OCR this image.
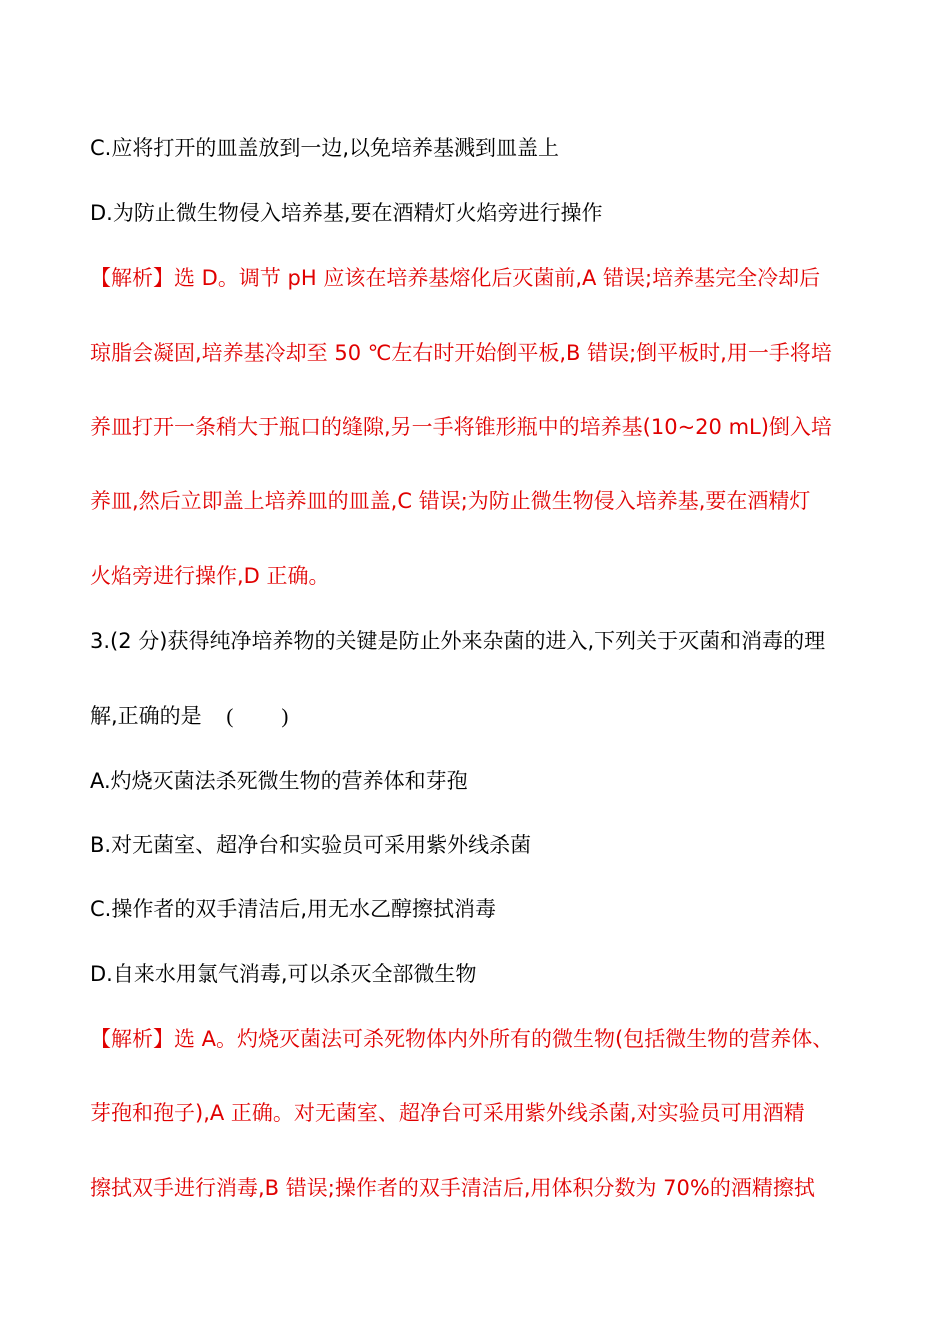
C.应将打开的皿盖放到一边,以免培养基溅到皿盖上
D.为防止微生物侵入培养基,要在酒精灯火焰旁进行操作
【解析】选 D。调节 pH 应该在培养基熔化后灭菌前,A 错误;培养基完全冷却后
琼脂会凝固,培养基冷却至 50 ℃左右时开始倒平板,B 错误;倒平板时,用一手将培
养皿打开一条稍大于瓶口的缝隙,另一手将锥形瓶中的培养基(10~20 mL)倒入培
养皿,然后立即盖上培养皿的皿盖,C 错误;为防止微生物侵入培养基,要在酒精灯
火焰旁进行操作,D 正确。
3.(2 分)获得纯净培养物的关键是防止外来杂菌的进入,下列关于灭菌和消毒的理
解,正确的是 ( )
A.灼烧灭菌法杀死微生物的营养体和芽孢
B.对无菌室、超净台和实验员可采用紫外线杀菌
C.操作者的双手清洁后,用无水乙醇擦拭消毒
D.自来水用氯气消毒,可以杀灭全部微生物
【解析】选 A。灼烧灭菌法可杀死物体内外所有的微生物(包括微生物的营养体、
芽孢和孢子),A 正确。对无菌室、超净台可采用紫外线杀菌,对实验员可用酒精
擦拭双手进行消毒,B 错误;操作者的双手清洁后,用体积分数为 70%的酒精擦拭
